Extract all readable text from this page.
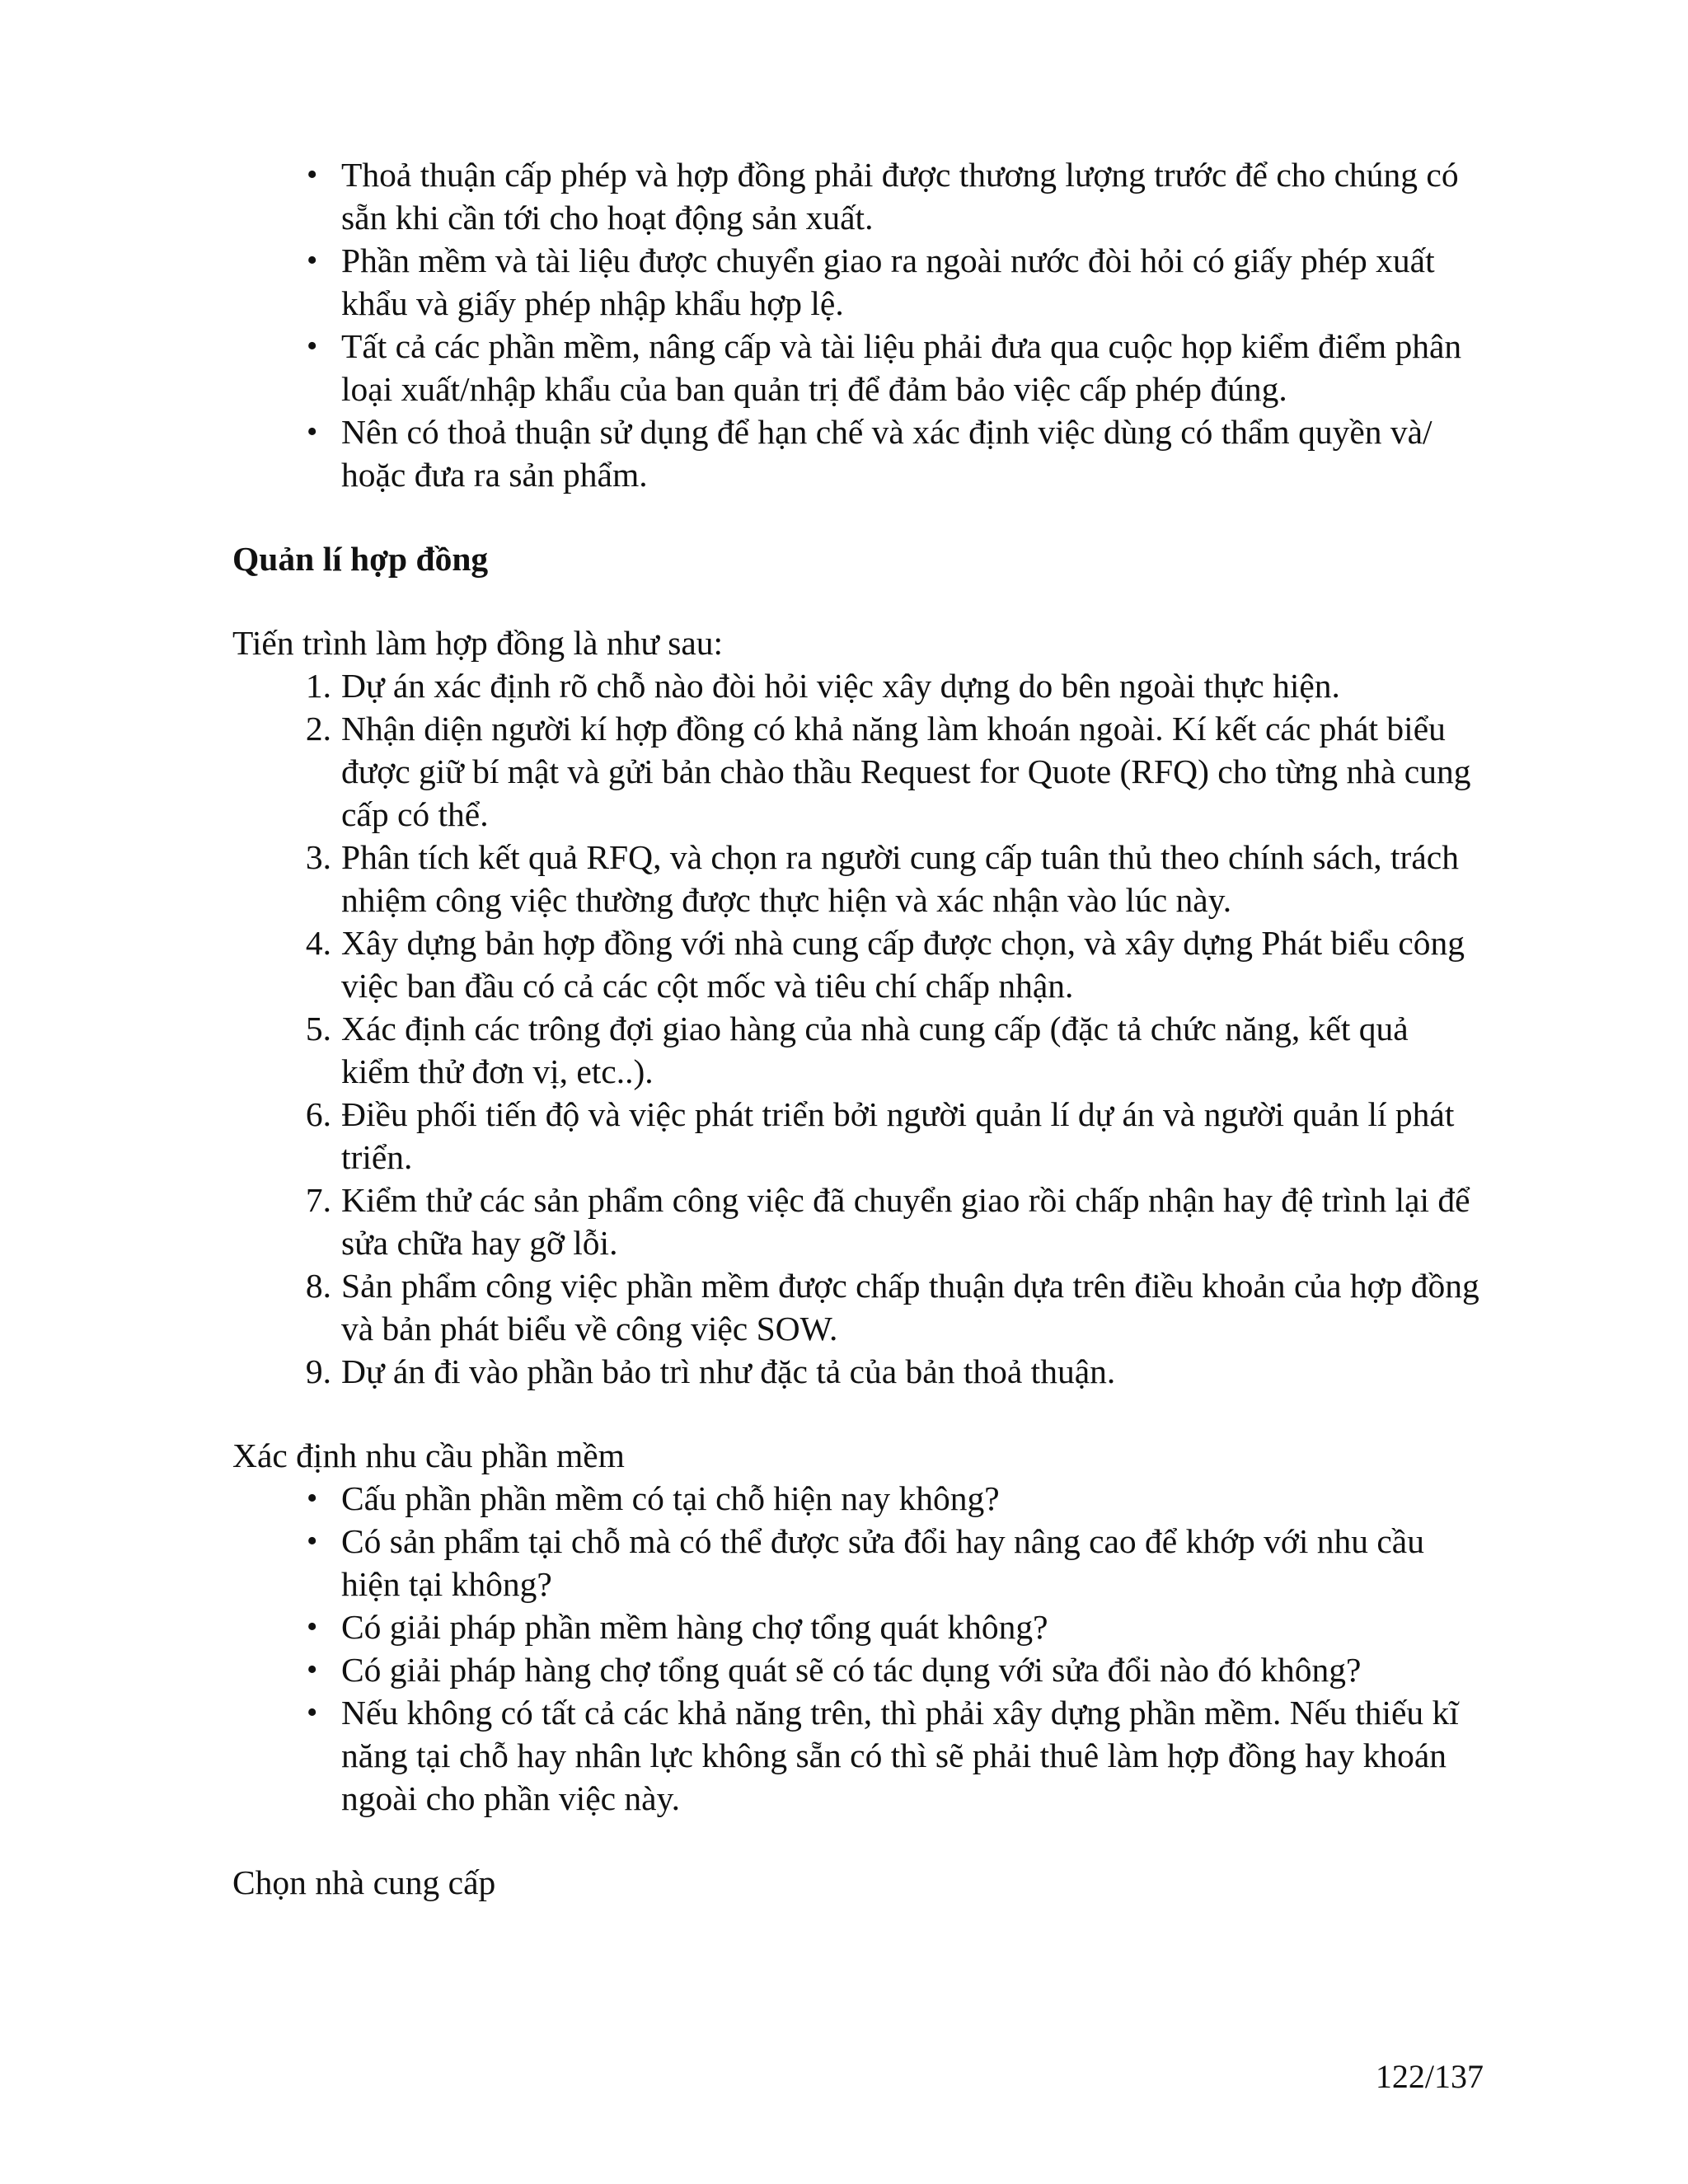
• Thoả thuận cấp phép và hợp đồng phải được thương lượng trước để cho chúng có sẵn khi cần tới cho hoạt động sản xuất.
• Phần mềm và tài liệu được chuyển giao ra ngoài nước đòi hỏi có giấy phép xuất khẩu và giấy phép nhập khẩu hợp lệ.
• Tất cả các phần mềm, nâng cấp và tài liệu phải đưa qua cuộc họp kiểm điểm phân loại xuất/nhập khẩu của ban quản trị để đảm bảo việc cấp phép đúng.
• Nên có thoả thuận sử dụng để hạn chế và xác định việc dùng có thẩm quyền và/ hoặc đưa ra sản phẩm.
Quản lí hợp đồng
Tiến trình làm hợp đồng là như sau:
1. Dự án xác định rõ chỗ nào đòi hỏi việc xây dựng do bên ngoài thực hiện.
2. Nhận diện người kí hợp đồng có khả năng làm khoán ngoài. Kí kết các phát biểu được giữ bí mật và gửi bản chào thầu Request for Quote (RFQ) cho từng nhà cung cấp có thể.
3. Phân tích kết quả RFQ, và chọn ra người cung cấp tuân thủ theo chính sách, trách nhiệm công việc thường được thực hiện và xác nhận vào lúc này.
4. Xây dựng bản hợp đồng với nhà cung cấp được chọn, và xây dựng Phát biểu công việc ban đầu có cả các cột mốc và tiêu chí chấp nhận.
5. Xác định các trông đợi giao hàng của nhà cung cấp (đặc tả chức năng, kết quả kiểm thử đơn vị, etc..).
6. Điều phối tiến độ và việc phát triển bởi người quản lí dự án và người quản lí phát triển.
7. Kiểm thử các sản phẩm công việc đã chuyển giao rồi chấp nhận hay đệ trình lại để sửa chữa hay gỡ lỗi.
8. Sản phẩm công việc phần mềm được chấp thuận dựa trên điều khoản của hợp đồng và bản phát biểu về công việc SOW.
9. Dự án đi vào phần bảo trì như đặc tả của bản thoả thuận.
Xác định nhu cầu phần mềm
• Cấu phần phần mềm có tại chỗ hiện nay không?
• Có sản phẩm tại chỗ mà có thể được sửa đổi hay nâng cao để khớp với nhu cầu hiện tại không?
• Có giải pháp phần mềm hàng chợ tổng quát không?
• Có giải pháp hàng chợ tổng quát sẽ có tác dụng với sửa đổi nào đó không?
• Nếu không có tất cả các khả năng trên, thì phải xây dựng phần mềm. Nếu thiếu kĩ năng tại chỗ hay nhân lực không sẵn có thì sẽ phải thuê làm hợp đồng hay khoán ngoài cho phần việc này.
Chọn nhà cung cấp
122/137
